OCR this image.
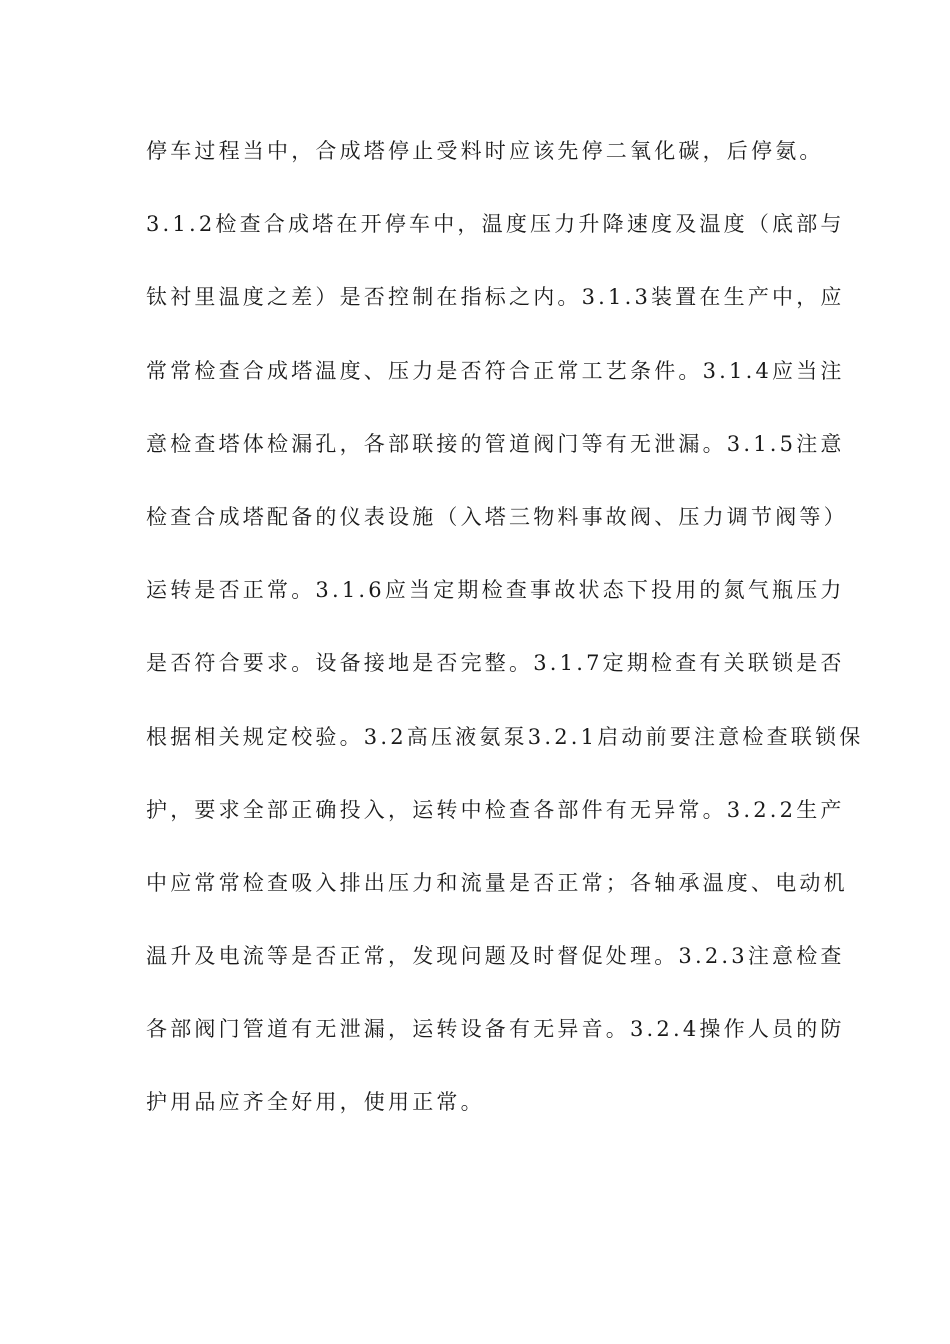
停车过程当中，合成塔停止受料时应该先停二氧化碳，后停氨。
3.1.2检查合成塔在开停车中，温度压力升降速度及温度（底部与
钛衬里温度之差）是否控制在指标之内。3.1.3装置在生产中，应
常常检查合成塔温度、压力是否符合正常工艺条件。3.1.4应当注
意检查塔体检漏孔，各部联接的管道阀门等有无泄漏。3.1.5注意
检查合成塔配备的仪表设施（入塔三物料事故阀、压力调节阀等）
运转是否正常。3.1.6应当定期检查事故状态下投用的氮气瓶压力
是否符合要求。设备接地是否完整。3.1.7定期检查有关联锁是否
根据相关规定校验。3.2高压液氨泵3.2.1启动前要注意检查联锁保
护，要求全部正确投入，运转中检查各部件有无异常。3.2.2生产
中应常常检查吸入排出压力和流量是否正常；各轴承温度、电动机
温升及电流等是否正常，发现问题及时督促处理。3.2.3注意检查
各部阀门管道有无泄漏，运转设备有无异音。3.2.4操作人员的防
护用品应齐全好用，使用正常。
